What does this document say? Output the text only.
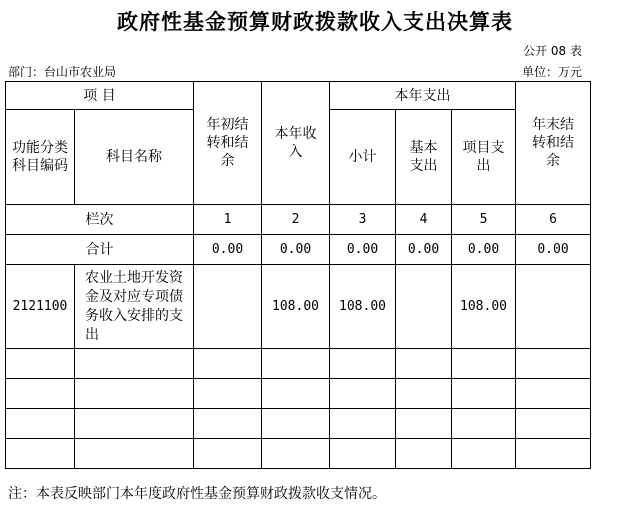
政府性基金预算财政拨款收入支出决算表
公开 08 表
部门：台山市农业局	单位：万元
项 目		年初结转和结余	本年收入	本年支出			年末结转和结余
功能分类科目编码	科目名称			小计	基本支出	项目支出	

栏次		1	2	3	4	5	6
合计		0.00	0.00	0.00	0.00	0.00	0.00
2121100	农业土地开发资金及对应专项债务收入安排的支出		108.00	108.00		108.00	

注：本表反映部门本年度政府性基金预算财政拨款收支情况。
